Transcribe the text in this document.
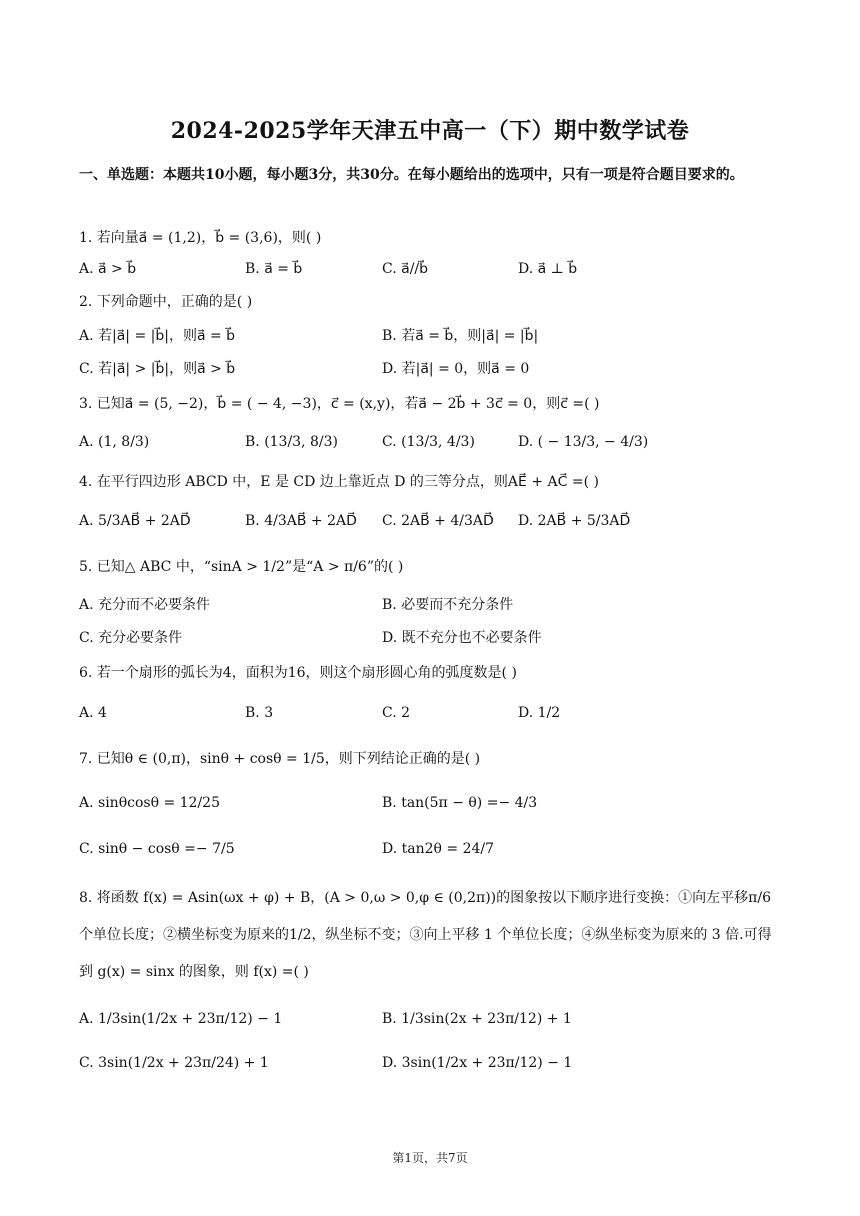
2024-2025学年天津五中高一（下）期中数学试卷
一、单选题：本题共10小题，每小题3分，共30分。在每小题给出的选项中，只有一项是符合题目要求的。
1. 若向量a⃗ = (1,2)，b⃗ = (3,6)，则( )
A. a⃗ > b⃗	B. a⃗ = b⃗	C. a⃗//b⃗	D. a⃗ ⊥ b⃗
2. 下列命题中，正确的是( )
A. 若|a⃗| = |b⃗|，则a⃗ = b⃗	B. 若a⃗ = b⃗，则|a⃗| = |b⃗|
C. 若|a⃗| > |b⃗|，则a⃗ > b⃗	D. 若|a⃗| = 0，则a⃗ = 0
3. 已知a⃗ = (5, −2)，b⃗ = ( − 4, −3)，c⃗ = (x,y)，若a⃗ − 2b⃗ + 3c⃗ = 0，则c⃗ =( )
A. (1, 8/3)	B. (13/3, 8/3)	C. (13/3, 4/3)	D. ( − 13/3, − 4/3)
4. 在平行四边形 ABCD 中，E 是 CD 边上靠近点 D 的三等分点，则AE⃗ + AC⃗ =( )
A. 5/3AB⃗ + 2AD⃗	B. 4/3AB⃗ + 2AD⃗ C. 2AB⃗ + 4/3AD⃗ D. 2AB⃗ + 5/3AD⃗
5. 已知△ ABC 中，“sinA > 1/2”是“A > π/6”的( )
A. 充分而不必要条件	B. 必要而不充分条件
C. 充分必要条件	D. 既不充分也不必要条件
6. 若一个扇形的弧长为4，面积为16，则这个扇形圆心角的弧度数是( )
A. 4	B. 3	C. 2	D. 1/2
7. 已知θ ∈ (0,π)，sinθ + cosθ = 1/5，则下列结论正确的是( )
A. sinθcosθ = 12/25	B. tan(5π − θ) =− 4/3
C. sinθ − cosθ =− 7/5	D. tan2θ = 24/7
8. 将函数 f(x) = Asin(ωx + φ) + B，(A > 0,ω > 0,φ ∈ (0,2π))的图象按以下顺序进行变换：①向左平移π/6个单位长度；②横坐标变为原来的1/2，纵坐标不变；③向上平移 1 个单位长度；④纵坐标变为原来的 3 倍.可得到 g(x) = sinx 的图象，则 f(x) =( )
A. 1/3sin(1/2x + 23π/12) − 1	B. 1/3sin(2x + 23π/12) + 1
C. 3sin(1/2x + 23π/24) + 1	D. 3sin(1/2x + 23π/12) − 1
第1页，共7页
